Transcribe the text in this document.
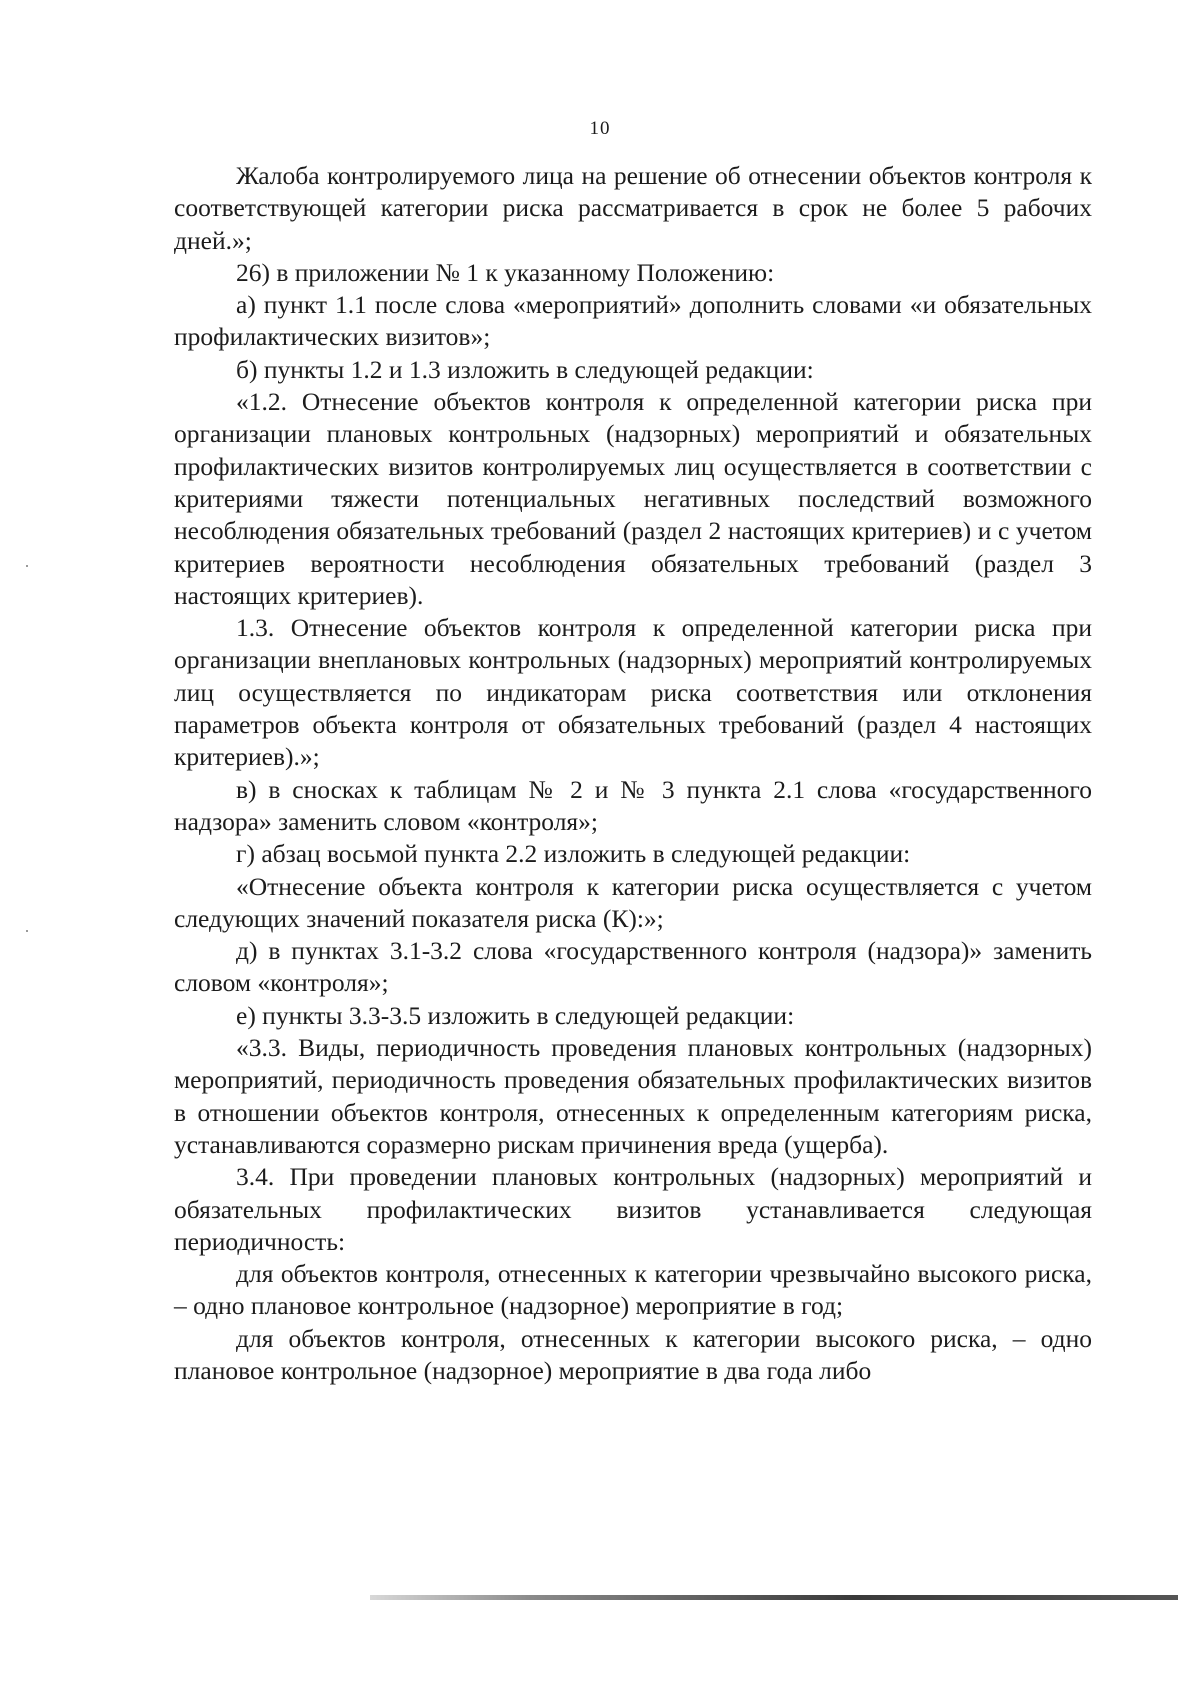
10

Жалоба контролируемого лица на решение об отнесении объектов контроля к соответствующей категории риска рассматривается в срок не более 5 рабочих дней.»;

26) в приложении № 1 к указанному Положению:

а) пункт 1.1 после слова «мероприятий» дополнить словами «и обязательных профилактических визитов»;

б) пункты 1.2 и 1.3 изложить в следующей редакции:

«1.2. Отнесение объектов контроля к определенной категории риска при организации плановых контрольных (надзорных) мероприятий и обязательных профилактических визитов контролируемых лиц осуществляется в соответствии с критериями тяжести потенциальных негативных последствий возможного несоблюдения обязательных требований (раздел 2 настоящих критериев) и с учетом критериев вероятности несоблюдения обязательных требований (раздел 3 настоящих критериев).

1.3. Отнесение объектов контроля к определенной категории риска при организации внеплановых контрольных (надзорных) мероприятий контролируемых лиц осуществляется по индикаторам риска соответствия или отклонения параметров объекта контроля от обязательных требований (раздел 4 настоящих критериев).»;

в) в сносках к таблицам № 2 и № 3 пункта 2.1 слова «государственного надзора» заменить словом «контроля»;

г) абзац восьмой пункта 2.2 изложить в следующей редакции:

«Отнесение объекта контроля к категории риска осуществляется с учетом следующих значений показателя риска (К):»;

д) в пунктах 3.1-3.2 слова «государственного контроля (надзора)» заменить словом «контроля»;

е) пункты 3.3-3.5 изложить в следующей редакции:

«3.3. Виды, периодичность проведения плановых контрольных (надзорных) мероприятий, периодичность проведения обязательных профилактических визитов в отношении объектов контроля, отнесенных к определенным категориям риска, устанавливаются соразмерно рискам причинения вреда (ущерба).

3.4. При проведении плановых контрольных (надзорных) мероприятий и обязательных профилактических визитов устанавливается следующая периодичность:

для объектов контроля, отнесенных к категории чрезвычайно высокого риска, – одно плановое контрольное (надзорное) мероприятие в год;

для объектов контроля, отнесенных к категории высокого риска, – одно плановое контрольное (надзорное) мероприятие в два года либо
